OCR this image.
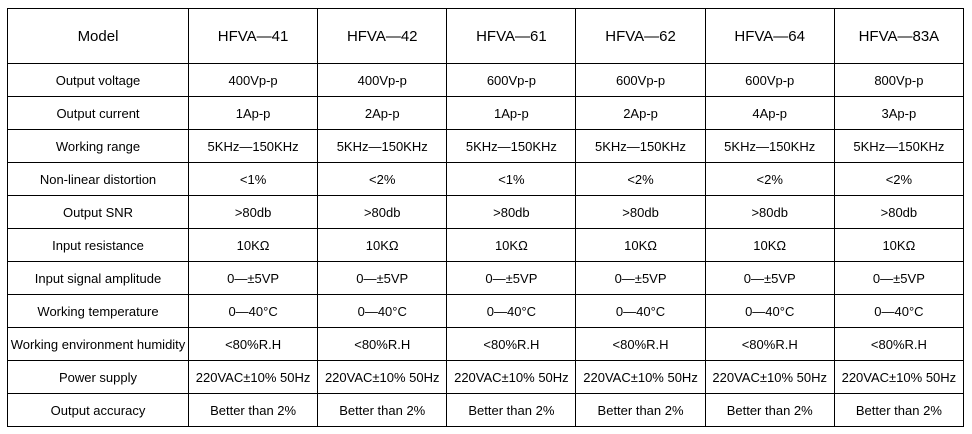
Model	HFVA—41	HFVA—42	HFVA—61	HFVA—62	HFVA—64	HFVA—83A
Output voltage	400Vp-p	400Vp-p	600Vp-p	600Vp-p	600Vp-p	800Vp-p
Output current	1Ap-p	2Ap-p	1Ap-p	2Ap-p	4Ap-p	3Ap-p
Working range	5KHz—150KHz	5KHz—150KHz	5KHz—150KHz	5KHz—150KHz	5KHz—150KHz	5KHz—150KHz
Non-linear distortion	<1%	<2%	<1%	<2%	<2%	<2%
Output SNR	>80db	>80db	>80db	>80db	>80db	>80db
Input resistance	10KΩ	10KΩ	10KΩ	10KΩ	10KΩ	10KΩ
Input signal amplitude	0—±5VP	0—±5VP	0—±5VP	0—±5VP	0—±5VP	0—±5VP
Working temperature	0—40°C	0—40°C	0—40°C	0—40°C	0—40°C	0—40°C
Working environment humidity	<80%R.H	<80%R.H	<80%R.H	<80%R.H	<80%R.H	<80%R.H
Power supply	220VAC±10% 50Hz	220VAC±10% 50Hz	220VAC±10% 50Hz	220VAC±10% 50Hz	220VAC±10% 50Hz	220VAC±10% 50Hz
Output accuracy	Better than 2%	Better than 2%	Better than 2%	Better than 2%	Better than 2%	Better than 2%
